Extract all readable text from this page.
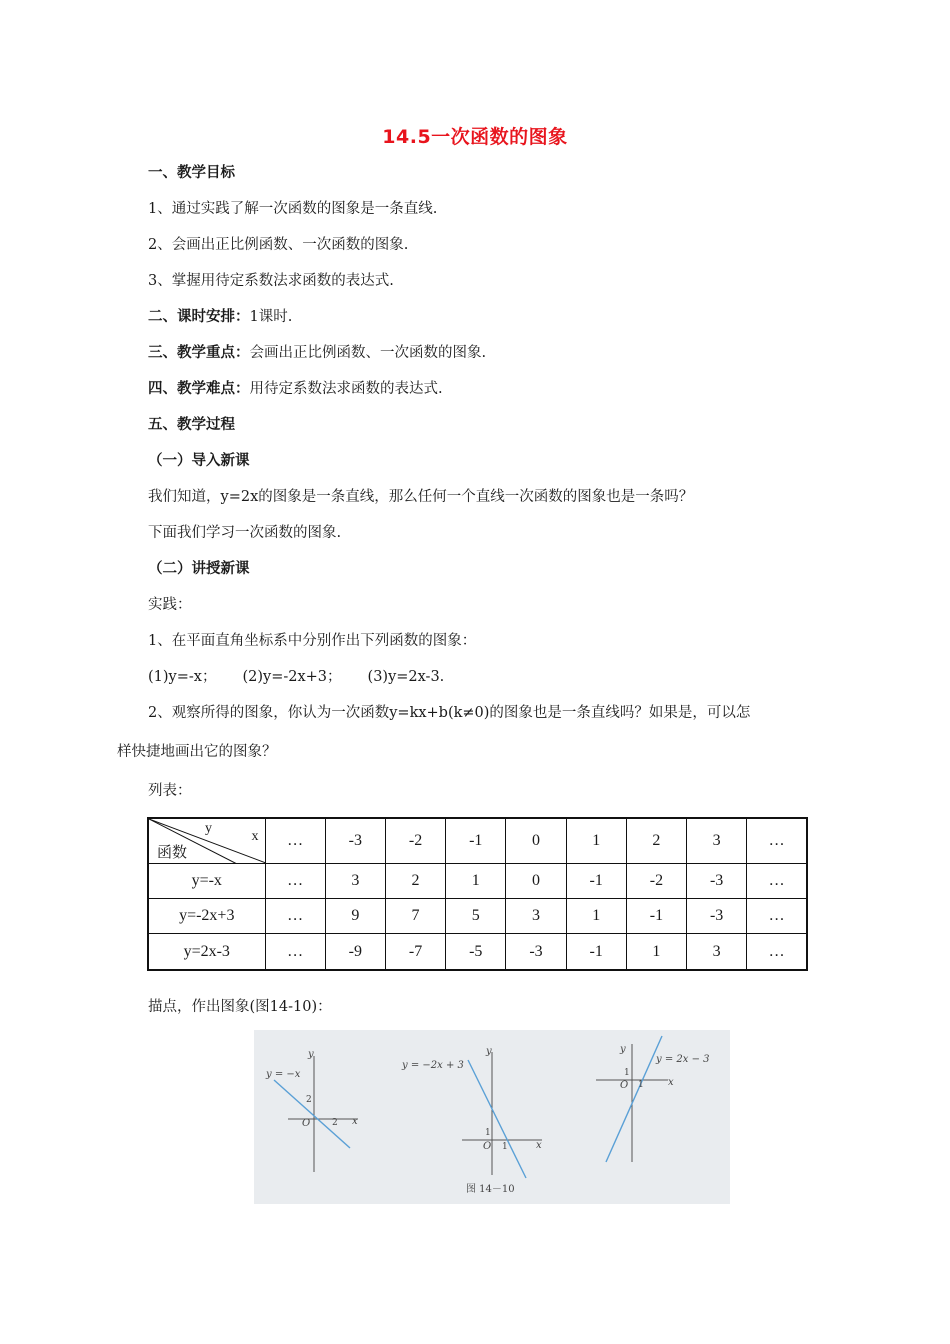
14.5一次函数的图象
一、教学目标
1、通过实践了解一次函数的图象是一条直线.
2、会画出正比例函数、一次函数的图象.
3、掌握用待定系数法求函数的表达式.
二、课时安排：1课时.
三、教学重点：会画出正比例函数、一次函数的图象.
四、教学难点：用待定系数法求函数的表达式.
五、教学过程
（一）导入新课
我们知道，y=2x的图象是一条直线，那么任何一个直线一次函数的图象也是一条吗？
下面我们学习一次函数的图象.
（二）讲授新课
实践：
1、在平面直角坐标系中分别作出下列函数的图象：
(1)y=-x； (2)y=-2x+3； (3)y=2x-3.
2、观察所得的图象，你认为一次函数y=kx+b(k≠0)的图象也是一条直线吗？如果是，可以怎
样快捷地画出它的图象？
列表：
y
x
函数	…	-3	-2	-1	0	1	2	3	…
y=-x	…	3	2	1	0	-1	-2	-3	…
y=-2x+3	…	9	7	5	3	1	-1	-3	…
y=2x-3	…	-9	-7	-5	-3	-1	1	3	…
描点，作出图象(图14-10)：
y
x
O
2
2
y = −x
y
x
O
1
1
y = −2x + 3
y
x
O
1
1
y = 2x − 3
图 14－10
